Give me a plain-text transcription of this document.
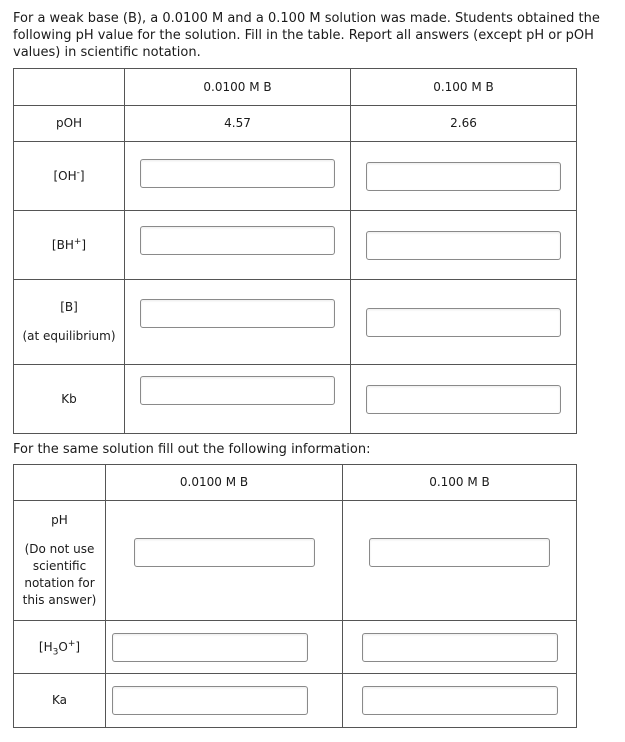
For a weak base (B), a 0.0100 M and a 0.100 M solution was made. Students obtained the following pH value for the solution. Fill in the table. Report all answers (except pH or pOH values) in scientific notation.
	0.0100 M B	0.100 M B
pOH	4.57	2.66
[OH-]		
[BH+]		

[B]
(at equilibrium)

Kb		
For the same solution fill out the following information:
	0.0100 M B	0.100 M B

pH
(Do not use scientific notation for this answer)

$[H_3O^+]$		
Ka		
